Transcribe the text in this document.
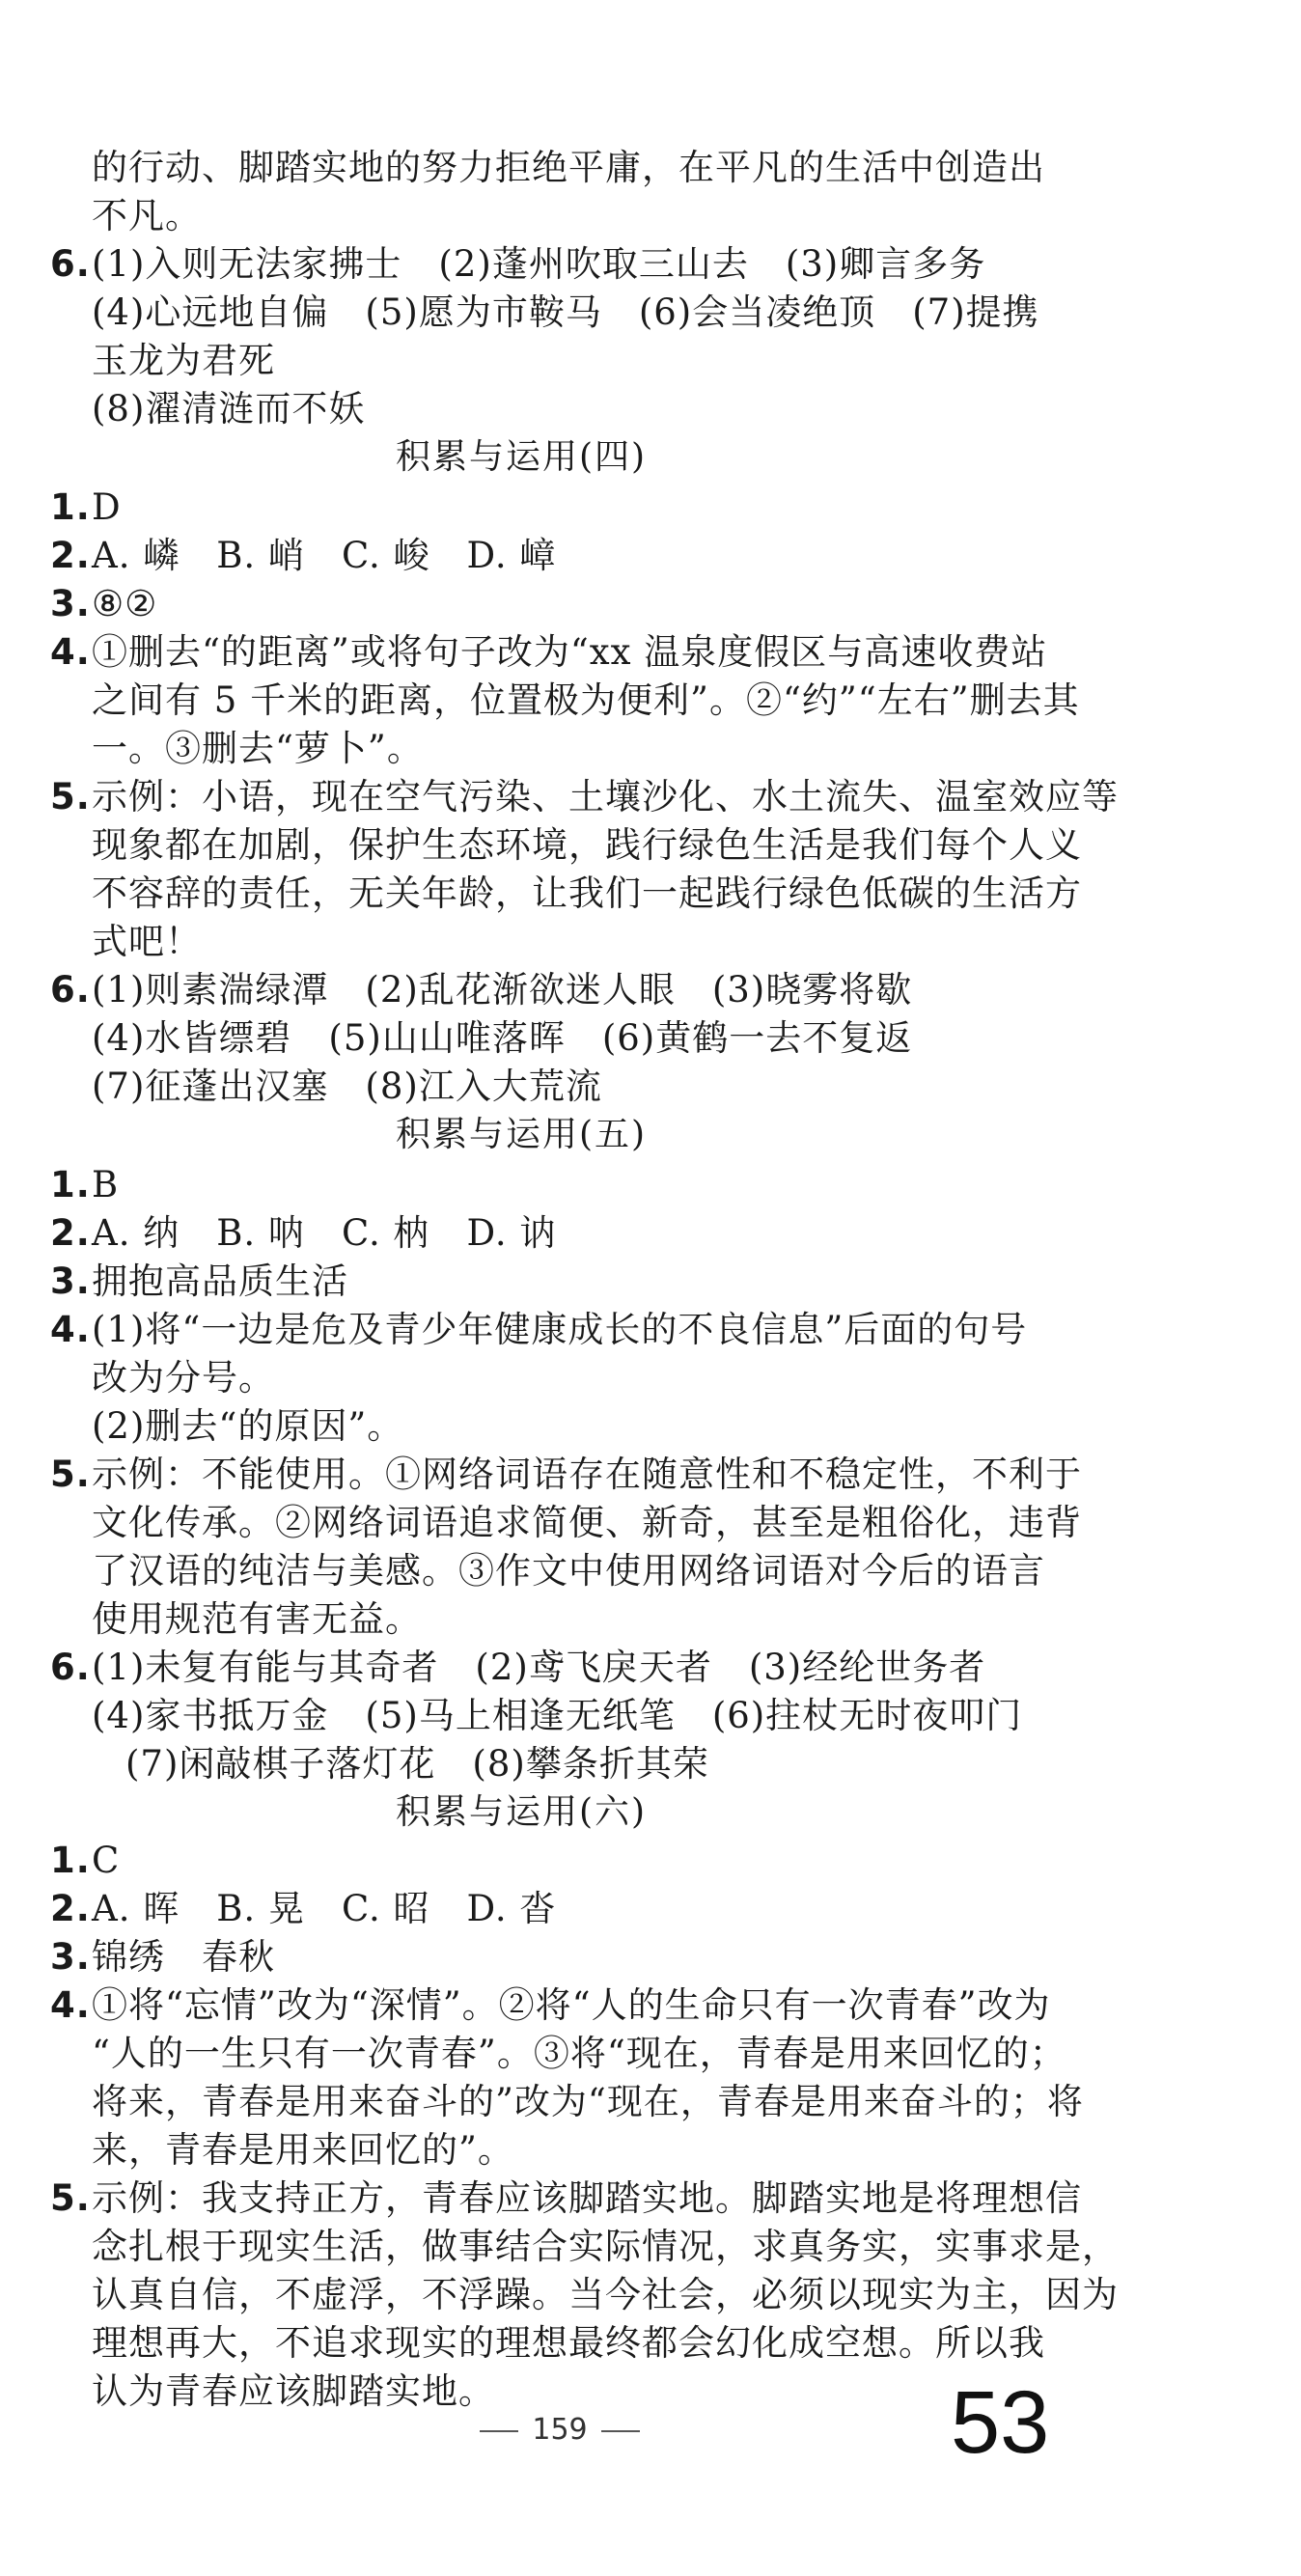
的行动、脚踏实地的努力拒绝平庸，在平凡的生活中创造出
不凡。
6. (1)入则无法家拂士　(2)蓬州吹取三山去　(3)卿言多务
(4)心远地自偏　(5)愿为市鞍马　(6)会当凌绝顶　(7)提携
玉龙为君死
(8)濯清涟而不妖
积累与运用(四)
1. D
2. A. 嶙　B. 峭　C. 峻　D. 嶂
3. ⑧②
4. ①删去“的距离”或将句子改为“xx 温泉度假区与高速收费站
之间有 5 千米的距离，位置极为便利”。②“约”“左右”删去其
一。③删去“萝卜”。
5. 示例：小语，现在空气污染、土壤沙化、水土流失、温室效应等
现象都在加剧，保护生态环境，践行绿色生活是我们每个人义
不容辞的责任，无关年龄，让我们一起践行绿色低碳的生活方
式吧！
6. (1)则素湍绿潭　(2)乱花渐欲迷人眼　(3)晓雾将歇
(4)水皆缥碧　(5)山山唯落晖　(6)黄鹤一去不复返
(7)征蓬出汉塞　(8)江入大荒流
积累与运用(五)
1. B
2. A. 纳　B. 呐　C. 枘　D. 讷
3. 拥抱高品质生活
4. (1)将“一边是危及青少年健康成长的不良信息”后面的句号
改为分号。
(2)删去“的原因”。
5. 示例：不能使用。①网络词语存在随意性和不稳定性，不利于
文化传承。②网络词语追求简便、新奇，甚至是粗俗化，违背
了汉语的纯洁与美感。③作文中使用网络词语对今后的语言
使用规范有害无益。
6. (1)未复有能与其奇者　(2)鸢飞戾天者　(3)经纶世务者
(4)家书抵万金　(5)马上相逢无纸笔　(6)拄杖无时夜叩门
(7)闲敲棋子落灯花　(8)攀条折其荣
积累与运用(六)
1. C
2. A. 晖　B. 晃　C. 昭　D. 沓
3. 锦绣　春秋
4. ①将“忘情”改为“深情”。②将“人的生命只有一次青春”改为
“人的一生只有一次青春”。③将“现在，青春是用来回忆的；
将来，青春是用来奋斗的”改为“现在，青春是用来奋斗的；将
来，青春是用来回忆的”。
5. 示例：我支持正方，青春应该脚踏实地。脚踏实地是将理想信
念扎根于现实生活，做事结合实际情况，求真务实，实事求是，
认真自信，不虚浮，不浮躁。当今社会，必须以现实为主，因为
理想再大，不追求现实的理想最终都会幻化成空想。所以我
认为青春应该脚踏实地。
159	53
